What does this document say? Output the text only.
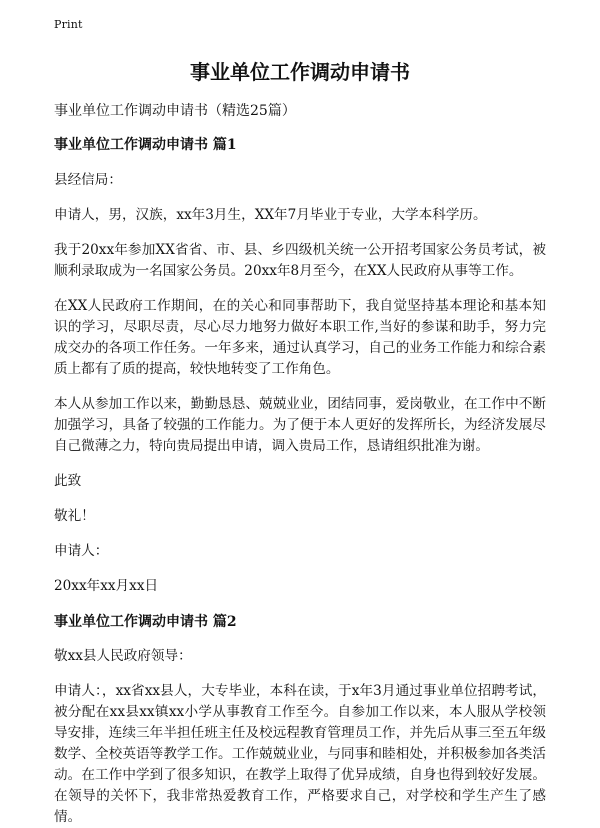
Print
事业单位工作调动申请书
事业单位工作调动申请书（精选25篇）
事业单位工作调动申请书 篇1
县经信局：
申请人，男，汉族，xx年3月生，XX年7月毕业于专业，大学本科学历。
我于20xx年参加XX省省、市、县、乡四级机关统一公开招考国家公务员考试，被顺利录取成为一名国家公务员。20xx年8月至今，在XX人民政府从事等工作。
在XX人民政府工作期间，在的关心和同事帮助下，我自觉坚持基本理论和基本知识的学习，尽职尽责，尽心尽力地努力做好本职工作,当好的参谋和助手，努力完成交办的各项工作任务。一年多来，通过认真学习，自己的业务工作能力和综合素质上都有了质的提高，较快地转变了工作角色。
本人从参加工作以来，勤勤恳恳、兢兢业业，团结同事，爱岗敬业，在工作中不断加强学习，具备了较强的工作能力。为了便于本人更好的发挥所长，为经济发展尽自己微薄之力，特向贵局提出申请，调入贵局工作，恳请组织批准为谢。
此致
敬礼！
申请人：
20xx年xx月xx日
事业单位工作调动申请书 篇2
敬xx县人民政府领导：
申请人：，xx省xx县人，大专毕业，本科在读，于x年3月通过事业单位招聘考试，被分配在xx县xx镇xx小学从事教育工作至今。自参加工作以来，本人服从学校领导安排，连续三年半担任班主任及校远程教育管理员工作，并先后从事三至五年级数学、全校英语等教学工作。工作兢兢业业，与同事和睦相处，并积极参加各类活动。在工作中学到了很多知识，在教学上取得了优异成绩，自身也得到较好发展。在领导的关怀下，我非常热爱教育工作，严格要求自己，对学校和学生产生了感情。
